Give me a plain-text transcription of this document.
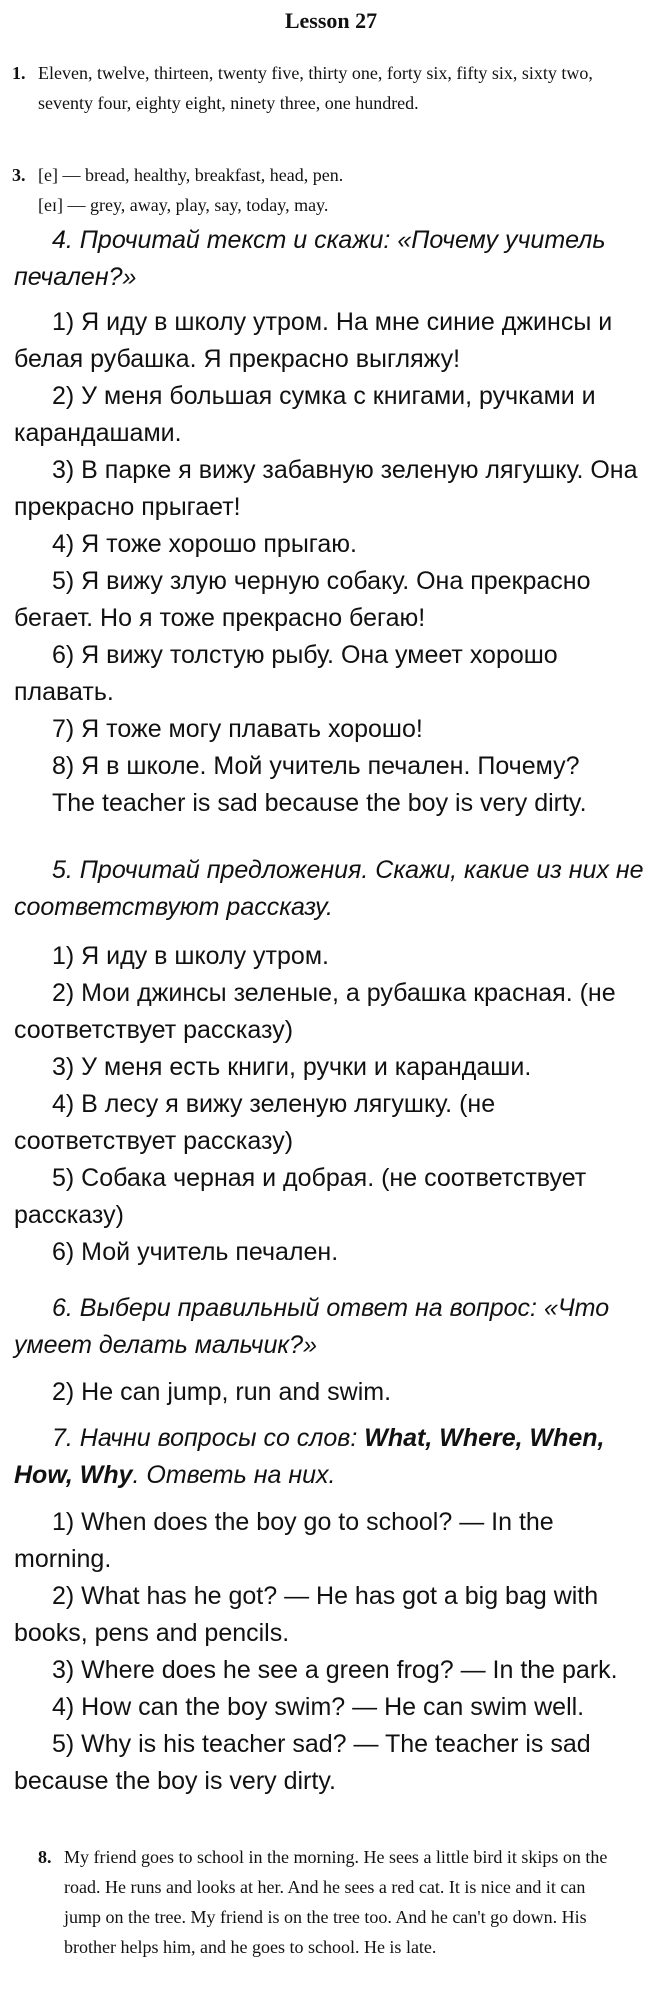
Lesson 27
1. Eleven, twelve, thirteen, twenty five, thirty one, forty six, fifty six, sixty two, seventy four, eighty eight, ninety three, one hundred.
3. [e] — bread, healthy, breakfast, head, pen.
[eɪ] — grey, away, play, say, today, may.
4. Прочитай текст и скажи: «Почему учитель печален?»
1) Я иду в школу утром. На мне синие джинсы и белая рубашка. Я прекрасно выгляжу!
2) У меня большая сумка с книгами, ручками и карандашами.
3) В парке я вижу забавную зеленую лягушку. Она прекрасно прыгает!
4) Я тоже хорошо прыгаю.
5) Я вижу злую черную собаку. Она прекрасно бегает. Но я тоже прекрасно бегаю!
6) Я вижу толстую рыбу. Она умеет хорошо плавать.
7) Я тоже могу плавать хорошо!
8) Я в школе. Мой учитель печален. Почему?
The teacher is sad because the boy is very dirty.
5. Прочитай предложения. Скажи, какие из них не соответствуют рассказу.
1) Я иду в школу утром.
2) Мои джинсы зеленые, а рубашка красная. (не соответствует рассказу)
3) У меня есть книги, ручки и карандаши.
4) В лесу я вижу зеленую лягушку. (не соответствует рассказу)
5) Собака черная и добрая. (не соответствует рассказу)
6) Мой учитель печален.
6. Выбери правильный ответ на вопрос: «Что умеет делать мальчик?»
2) He can jump, run and swim.
7. Начни вопросы со слов: What, Where, When, How, Why. Ответь на них.
1) When does the boy go to school? — In the morning.
2) What has he got? — He has got a big bag with books, pens and pencils.
3) Where does he see a green frog? — In the park.
4) How can the boy swim? — He can swim well.
5) Why is his teacher sad? — The teacher is sad because the boy is very dirty.
8. My friend goes to school in the morning. He sees a little bird it skips on the road. He runs and looks at her. And he sees a red cat. It is nice and it can jump on the tree. My friend is on the tree too. And he can't go down. His brother helps him, and he goes to school. He is late.
